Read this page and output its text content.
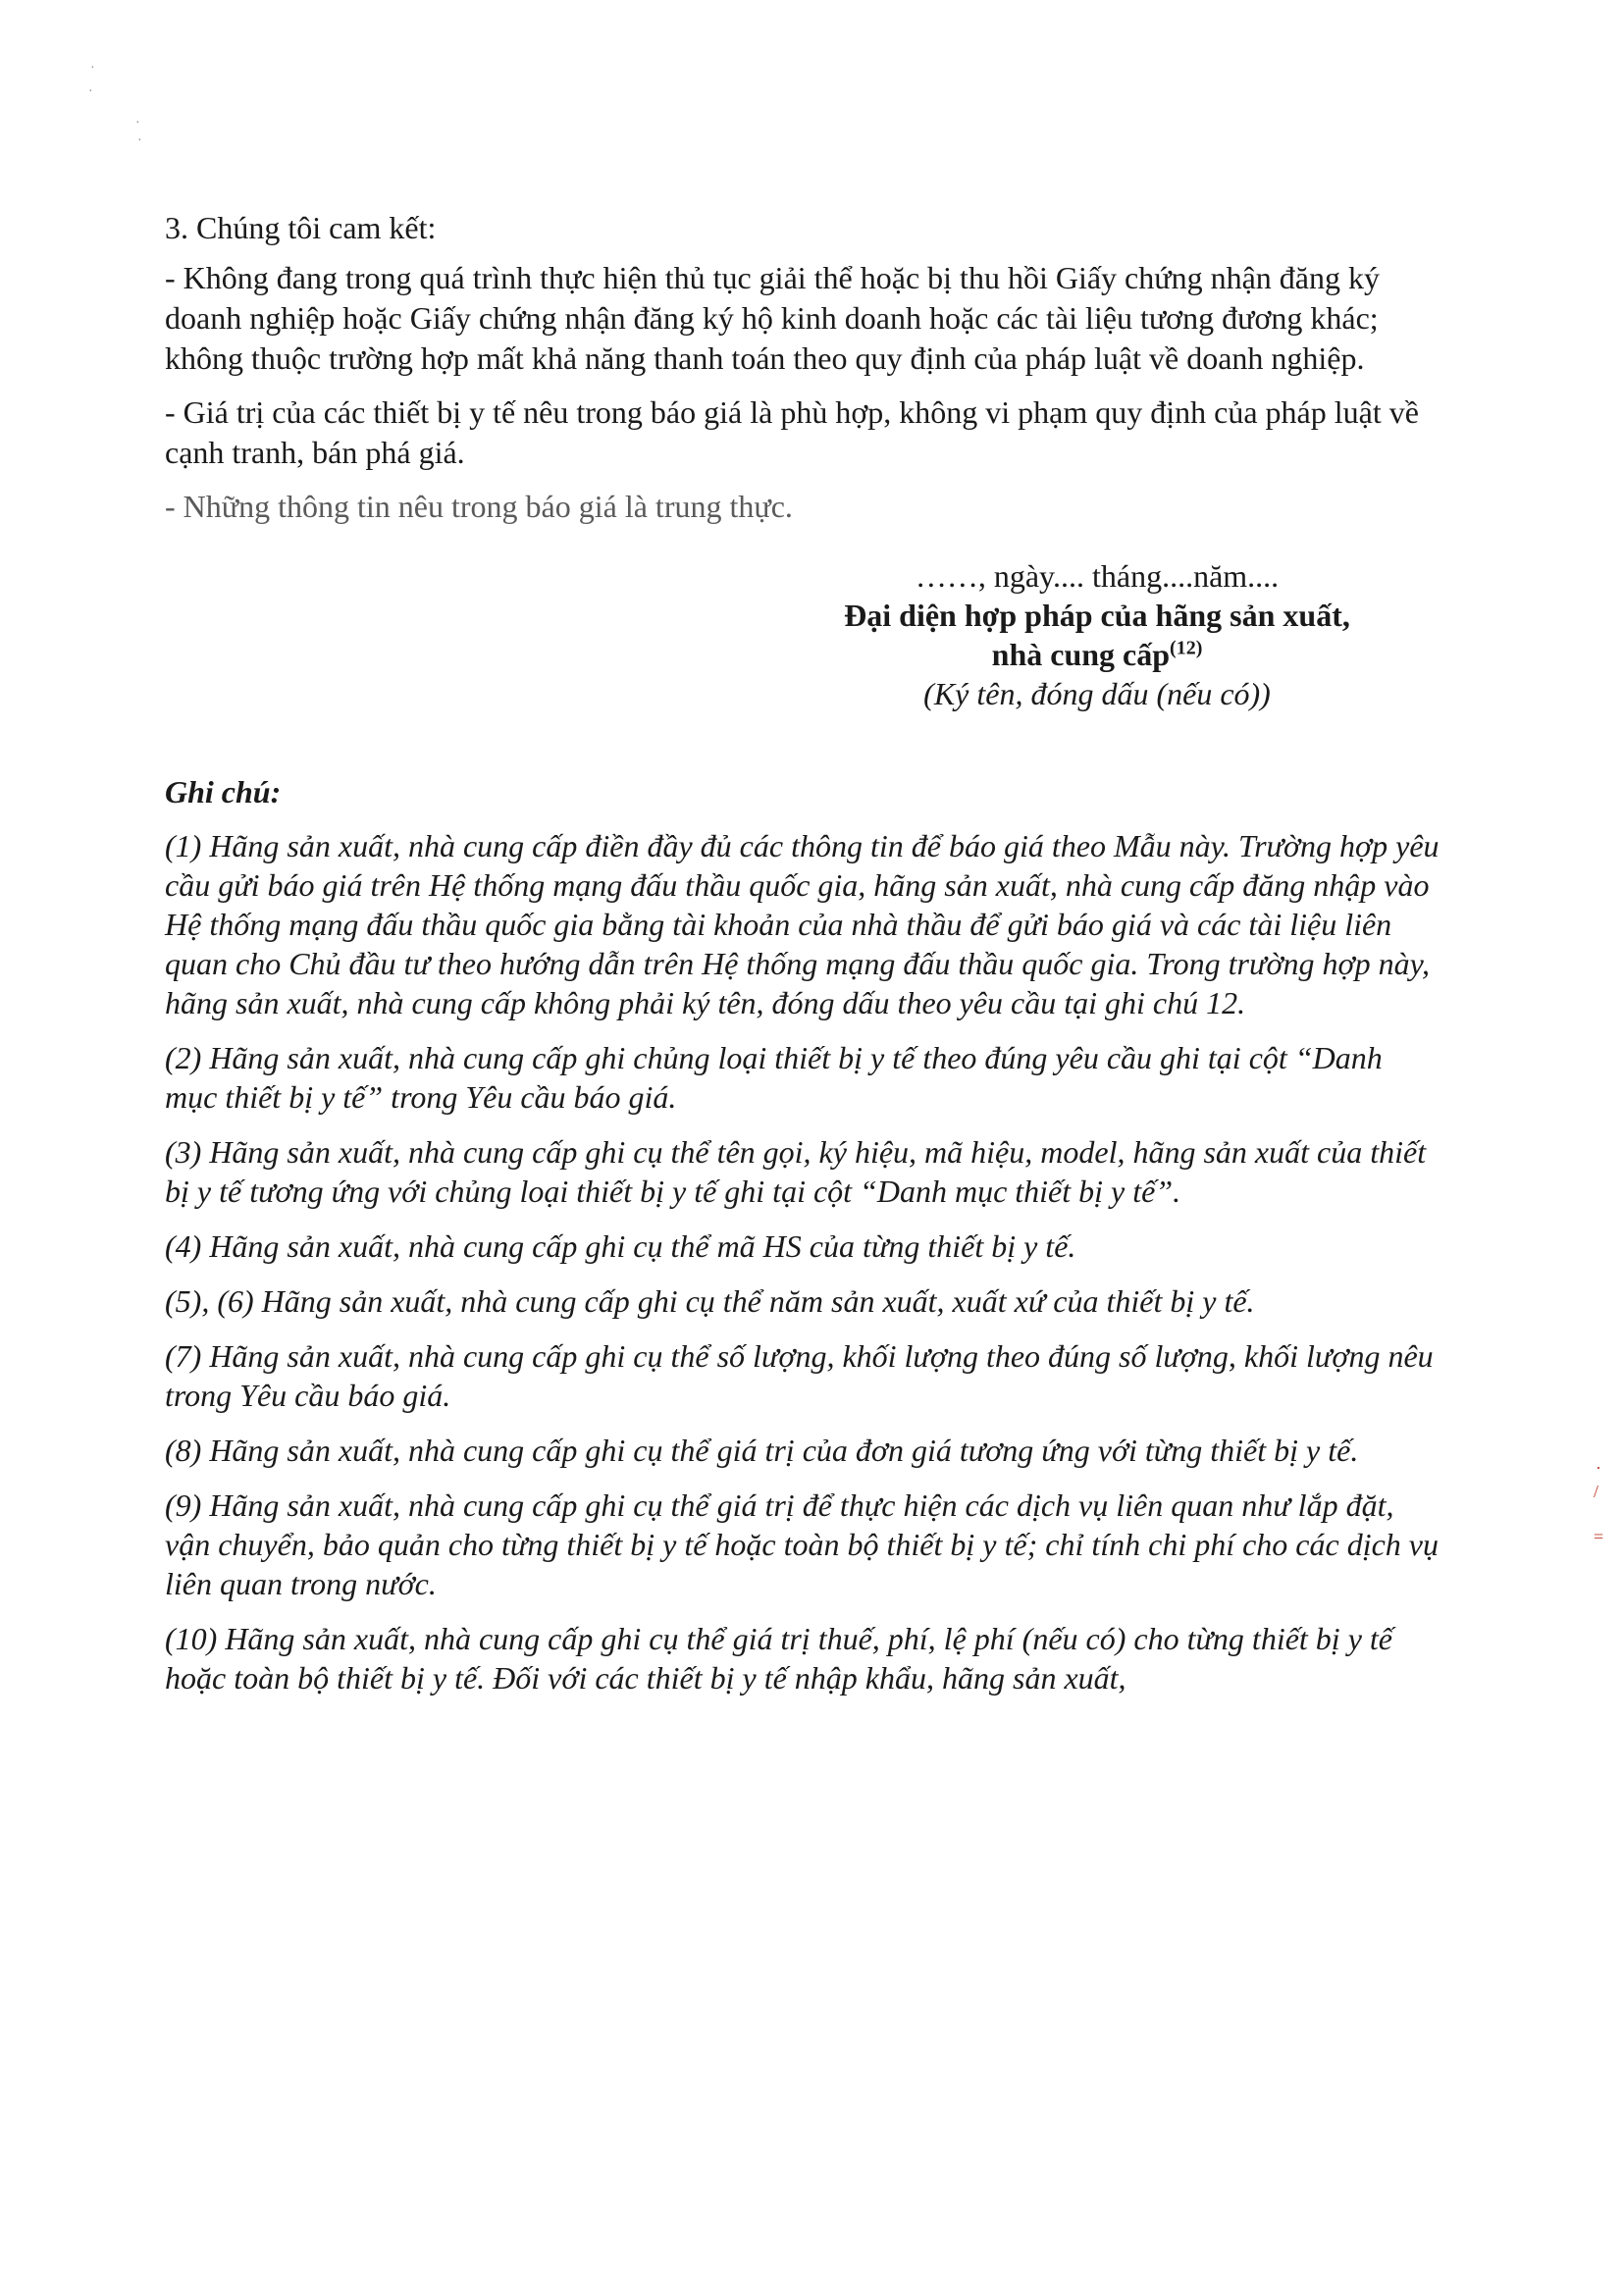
·
·
·
·
·
/
=

3. Chúng tôi cam kết:

- Không đang trong quá trình thực hiện thủ tục giải thể hoặc bị thu hồi Giấy chứng nhận đăng ký doanh nghiệp hoặc Giấy chứng nhận đăng ký hộ kinh doanh hoặc các tài liệu tương đương khác; không thuộc trường hợp mất khả năng thanh toán theo quy định của pháp luật về doanh nghiệp.

- Giá trị của các thiết bị y tế nêu trong báo giá là phù hợp, không vi phạm quy định của pháp luật về cạnh tranh, bán phá giá.

- Những thông tin nêu trong báo giá là trung thực.

……, ngày.... tháng....năm....

Đại diện hợp pháp của hãng sản xuất,

nhà cung cấp$^{(12)}$

(Ký tên, đóng dấu (nếu có))

Ghi chú:

(1) Hãng sản xuất, nhà cung cấp điền đầy đủ các thông tin để báo giá theo Mẫu này. Trường hợp yêu cầu gửi báo giá trên Hệ thống mạng đấu thầu quốc gia, hãng sản xuất, nhà cung cấp đăng nhập vào Hệ thống mạng đấu thầu quốc gia bằng tài khoản của nhà thầu để gửi báo giá và các tài liệu liên quan cho Chủ đầu tư theo hướng dẫn trên Hệ thống mạng đấu thầu quốc gia. Trong trường hợp này, hãng sản xuất, nhà cung cấp không phải ký tên, đóng dấu theo yêu cầu tại ghi chú 12.

(2) Hãng sản xuất, nhà cung cấp ghi chủng loại thiết bị y tế theo đúng yêu cầu ghi tại cột “Danh mục thiết bị y tế” trong Yêu cầu báo giá.

(3) Hãng sản xuất, nhà cung cấp ghi cụ thể tên gọi, ký hiệu, mã hiệu, model, hãng sản xuất của thiết bị y tế tương ứng với chủng loại thiết bị y tế ghi tại cột “Danh mục thiết bị y tế”.

(4) Hãng sản xuất, nhà cung cấp ghi cụ thể mã HS của từng thiết bị y tế.

(5), (6) Hãng sản xuất, nhà cung cấp ghi cụ thể năm sản xuất, xuất xứ của thiết bị y tế.

(7) Hãng sản xuất, nhà cung cấp ghi cụ thể số lượng, khối lượng theo đúng số lượng, khối lượng nêu trong Yêu cầu báo giá.

(8) Hãng sản xuất, nhà cung cấp ghi cụ thể giá trị của đơn giá tương ứng với từng thiết bị y tế.

(9) Hãng sản xuất, nhà cung cấp ghi cụ thể giá trị để thực hiện các dịch vụ liên quan như lắp đặt, vận chuyển, bảo quản cho từng thiết bị y tế hoặc toàn bộ thiết bị y tế; chỉ tính chi phí cho các dịch vụ liên quan trong nước.

(10) Hãng sản xuất, nhà cung cấp ghi cụ thể giá trị thuế, phí, lệ phí (nếu có) cho từng thiết bị y tế hoặc toàn bộ thiết bị y tế. Đối với các thiết bị y tế nhập khẩu, hãng sản xuất,
